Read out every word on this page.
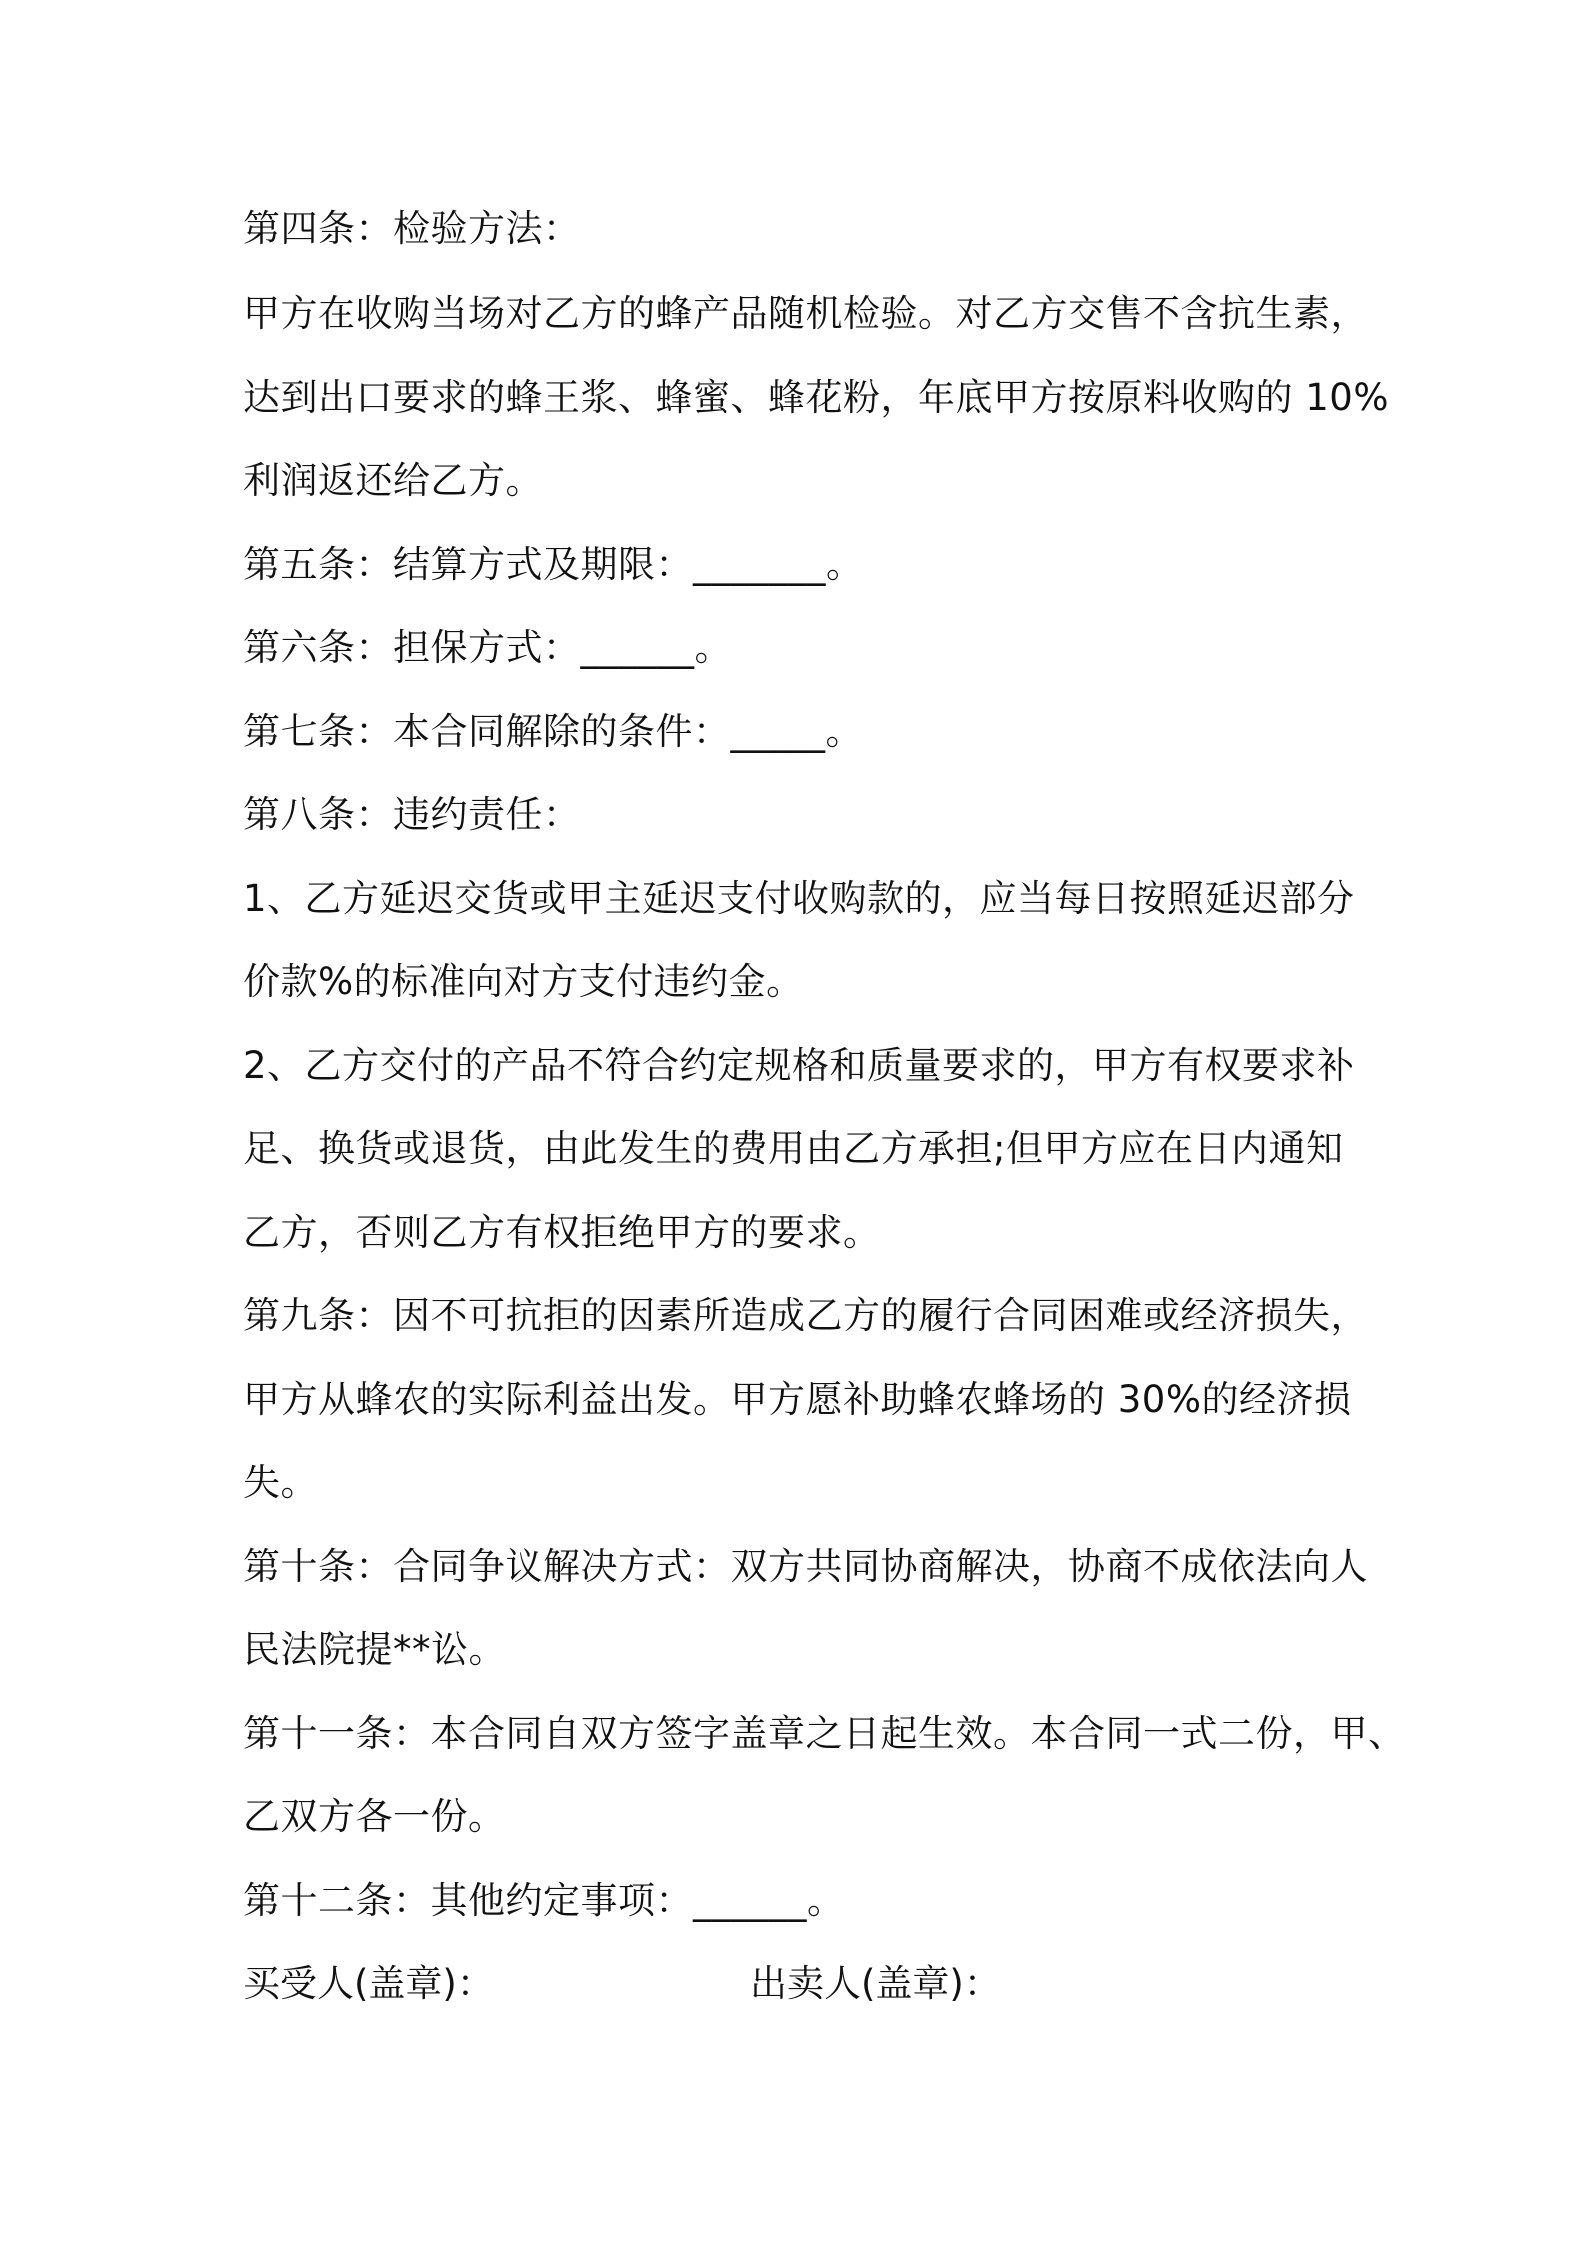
第四条：检验方法：
甲方在收购当场对乙方的蜂产品随机检验。对乙方交售不含抗生素，
达到出口要求的蜂王浆、蜂蜜、蜂花粉，年底甲方按原料收购的 10%
利润返还给乙方。
第五条：结算方式及期限：_______。
第六条：担保方式：______。
第七条：本合同解除的条件：_____。
第八条：违约责任：
1、乙方延迟交货或甲主延迟支付收购款的，应当每日按照延迟部分
价款%的标准向对方支付违约金。
2、乙方交付的产品不符合约定规格和质量要求的，甲方有权要求补
足、换货或退货，由此发生的费用由乙方承担;但甲方应在日内通知
乙方，否则乙方有权拒绝甲方的要求。
第九条：因不可抗拒的因素所造成乙方的履行合同困难或经济损失，
甲方从蜂农的实际利益出发。甲方愿补助蜂农蜂场的 30%的经济损
失。
第十条：合同争议解决方式：双方共同协商解决，协商不成依法向人
民法院提**讼。
第十一条：本合同自双方签字盖章之日起生效。本合同一式二份，甲、
乙双方各一份。
第十二条：其他约定事项：______。
买受人(盖章)：	出卖人(盖章)：
